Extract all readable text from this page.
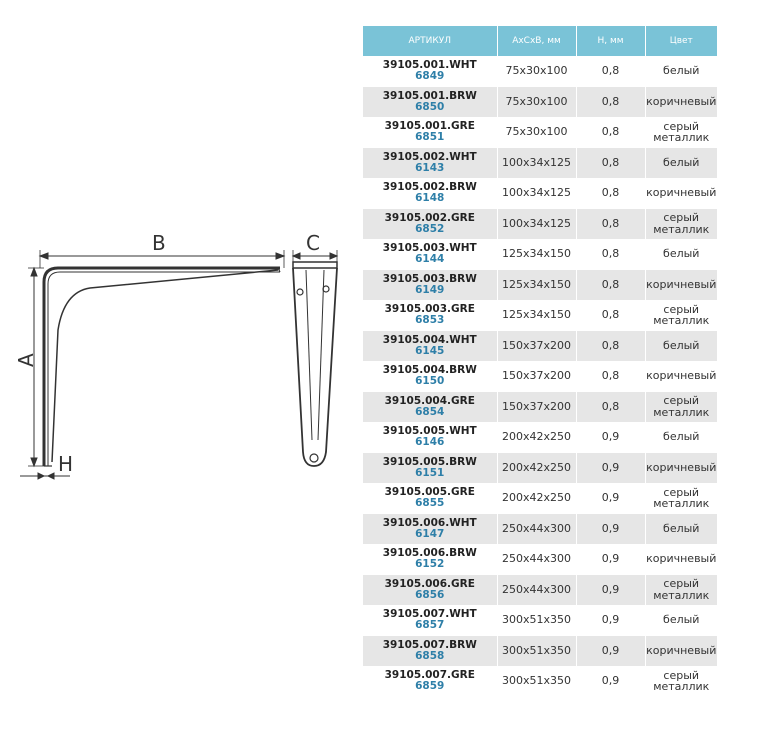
B
A
H
C
АРТИКУЛ	АхСхВ, мм	Н, мм	Цвет

39105.001.WHT
6849	75x30x100	0,8	белый

39105.001.BRW
6850	75x30x100	0,8	коричневый

39105.001.GRE
6851	75x30x100	0,8	серый металлик

39105.002.WHT
6143	100x34x125	0,8	белый

39105.002.BRW
6148	100x34x125	0,8	коричневый

39105.002.GRE
6852	100x34x125	0,8	серый металлик

39105.003.WHT
6144	125x34x150	0,8	белый

39105.003.BRW
6149	125x34x150	0,8	коричневый

39105.003.GRE
6853	125x34x150	0,8	серый металлик

39105.004.WHT
6145	150x37x200	0,8	белый

39105.004.BRW
6150	150x37x200	0,8	коричневый

39105.004.GRE
6854	150x37x200	0,8	серый металлик

39105.005.WHT
6146	200x42x250	0,9	белый

39105.005.BRW
6151	200x42x250	0,9	коричневый

39105.005.GRE
6855	200x42x250	0,9	серый металлик

39105.006.WHT
6147	250x44x300	0,9	белый

39105.006.BRW
6152	250x44x300	0,9	коричневый

39105.006.GRE
6856	250x44x300	0,9	серый металлик

39105.007.WHT
6857	300x51x350	0,9	белый

39105.007.BRW
6858	300x51x350	0,9	коричневый

39105.007.GRE
6859	300x51x350	0,9	серый металлик
